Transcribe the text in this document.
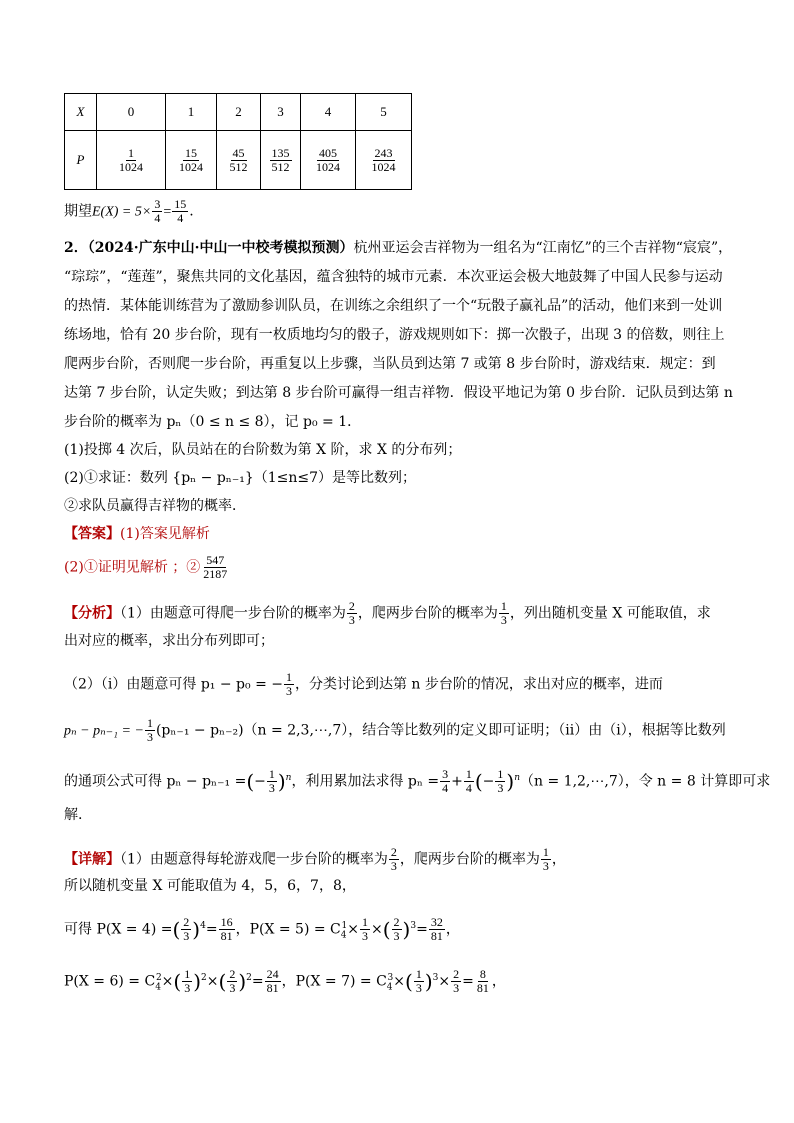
X	0	1	2	3	4	5
P	$\frac{1}{1024}$	$\frac{15}{1024}$	$\frac{45}{512}$	$\frac{135}{512}$	$\frac{405}{1024}$	$\frac{243}{1024}$
期望$E(X) = 5\times \frac{3}{4} = \frac{15}{4}$ .
2．（2024·广东中山·中山一中校考模拟预测）杭州亚运会吉祥物为一组名为“江南忆”的三个吉祥物“宸宸”，
“琮琮”，“莲莲”，聚焦共同的文化基因，蕴含独特的城市元素．本次亚运会极大地鼓舞了中国人民参与运动
的热情．某体能训练营为了激励参训队员，在训练之余组织了一个“玩骰子赢礼品”的活动，他们来到一处训
练场地，恰有 20 步台阶，现有一枚质地均匀的骰子，游戏规则如下：掷一次骰子，出现 3 的倍数，则往上
爬两步台阶，否则爬一步台阶，再重复以上步骤，当队员到达第 7 或第 8 步台阶时，游戏结束．规定：到
达第 7 步台阶，认定失败；到达第 8 步台阶可赢得一组吉祥物．假设平地记为第 0 步台阶．记队员到达第 n
步台阶的概率为 pₙ（0 ≤ n ≤ 8），记 p₀ = 1．
(1)投掷 4 次后，队员站在的台阶数为第 X 阶，求 X 的分布列；
(2)①求证：数列 {pₙ − pₙ₋₁}（1≤n≤7）是等比数列；
②求队员赢得吉祥物的概率．
【答案】(1)答案见解析
(2)①证明见解析 ；② $\frac{547}{2187}$
【分析】（1）由题意可得爬一步台阶的概率为 $\frac{2}{3}$ ，爬两步台阶的概率为 $\frac{1}{3}$ ，列出随机变量 X 可能取值，求
出对应的概率，求出分布列即可；
（2）（i）由题意可得 p₁ − p₀ = − $\frac{1}{3}$ ，分类讨论到达第 n 步台阶的情况，求出对应的概率，进而
pₙ − pₙ₋₁ = − $\frac{1}{3} (p_{n-1} - p_{n-2})(n$ = 2,3,⋯,7），结合等比数列的定义即可证明；（ii）由（i），根据等比数列
的通项公式可得 pₙ − pₙ₋₁ =(− $\frac{1}{3} )^n$，利用累加法求得 $p_n = \frac{3}{4} + \frac{1}{4}$ (− $\frac{1}{3} )^n(n$ = 1,2,⋯,7），令 n = 8 计算即可求
解.
【详解】（1）由题意得每轮游戏爬一步台阶的概率为 $\frac{2}{3}$ ，爬两步台阶的概率为 $\frac{1}{3}$ ，
所以随机变量 X 可能取值为 4，5，6，7，8，
可得 P(X = 4) =( $\frac{2}{3} )^4= \frac{16}{81}$ ，$P(X = 5) = C_4^1\times \frac{1}{3}$ ×( $\frac{2}{3} )^3= \frac{32}{81}$ ，
$P(X = 6) = C_4^2\times( \frac{1}{3} )^2\times( \frac{2}{3} )^2= \frac{24}{81}$ ，$P(X = 7) = C_4^3\times( \frac{1}{3} )^3\times \frac{2}{3} = \frac{8}{81}$ ，
